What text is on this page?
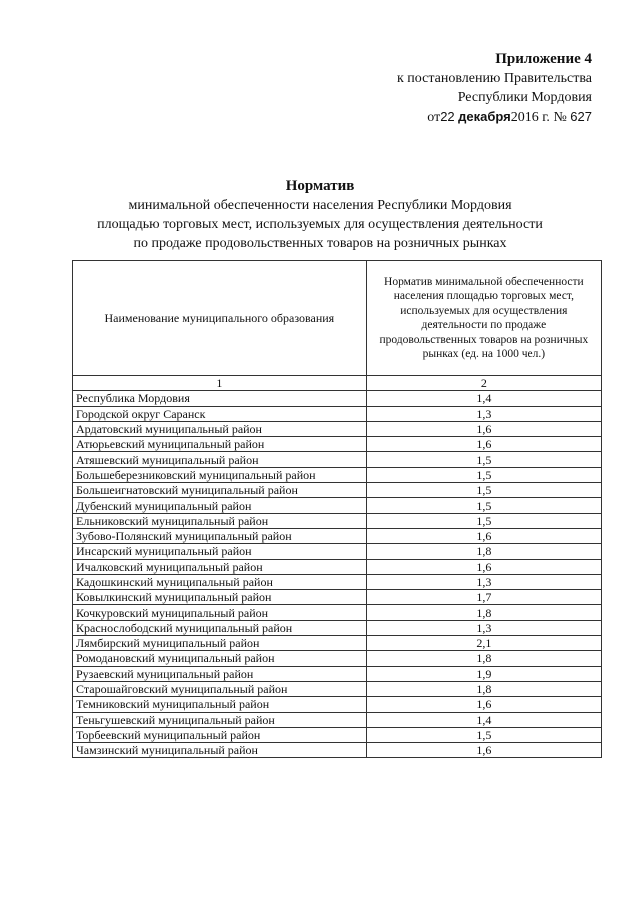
Приложение 4
к постановлению Правительства
Республики Мордовия
от22 декабря2016 г. № 627
Норматив
минимальной обеспеченности населения Республики Мордовия
площадью торговых мест, используемых для осуществления деятельности
по продаже продовольственных товаров на розничных рынках
Наименование муниципального образования	Норматив минимальной обеспеченности населения площадью торговых мест, используемых для осуществления деятельности по продаже продовольственных товаров на розничных рынках (ед. на 1000 чел.)
1	2
Республика Мордовия	1,4
Городской округ Саранск	1,3
Ардатовский муниципальный район	1,6
Атюрьевский муниципальный район	1,6
Атяшевский муниципальный район	1,5
Большеберезниковский муниципальный район	1,5
Большеигнатовский муниципальный район	1,5
Дубенский муниципальный район	1,5
Ельниковский муниципальный район	1,5
Зубово-Полянский муниципальный район	1,6
Инсарский муниципальный район	1,8
Ичалковский муниципальный район	1,6
Кадошкинский муниципальный район	1,3
Ковылкинский муниципальный район	1,7
Кочкуровский муниципальный район	1,8
Краснослободский муниципальный район	1,3
Лямбирский муниципальный район	2,1
Ромодановский муниципальный район	1,8
Рузаевский муниципальный район	1,9
Старошайговский муниципальный район	1,8
Темниковский муниципальный район	1,6
Теньгушевский муниципальный район	1,4
Торбеевский муниципальный район	1,5
Чамзинский муниципальный район	1,6
